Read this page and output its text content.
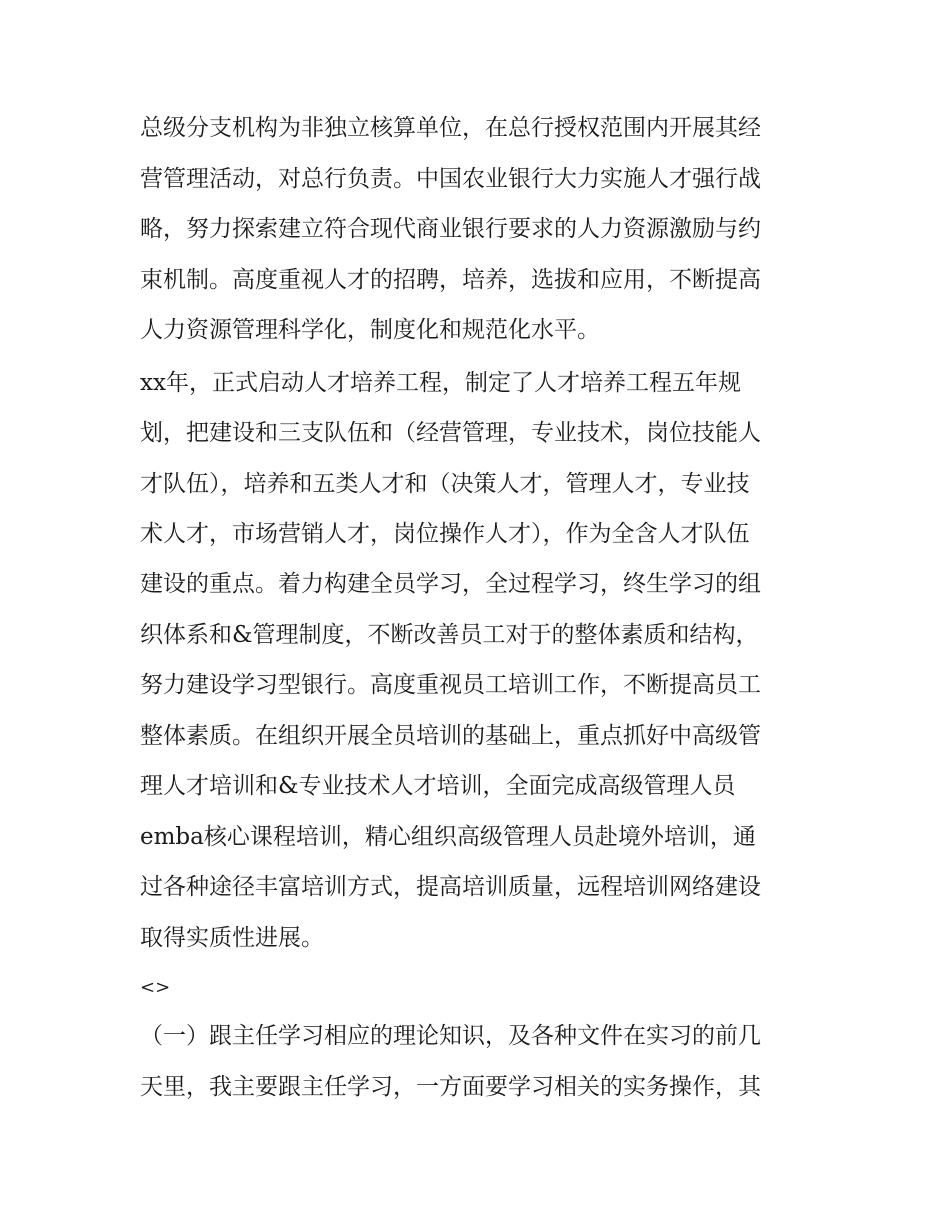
总级分支机构为非独立核算单位，在总行授权范围内开展其经

营管理活动，对总行负责。中国农业银行大力实施人才强行战

略，努力探索建立符合现代商业银行要求的人力资源激励与约

束机制。高度重视人才的招聘，培养，选拔和应用，不断提高

人力资源管理科学化，制度化和规范化水平。

xx年，正式启动人才培养工程，制定了人才培养工程五年规

划，把建设和三支队伍和（经营管理，专业技术，岗位技能人

才队伍），培养和五类人才和（决策人才，管理人才，专业技

术人才，市场营销人才，岗位操作人才），作为全含人才队伍

建设的重点。着力构建全员学习，全过程学习，终生学习的组

织体系和&管理制度，不断改善员工对于的整体素质和结构，

努力建设学习型银行。高度重视员工培训工作，不断提高员工

整体素质。在组织开展全员培训的基础上，重点抓好中高级管

理人才培训和&专业技术人才培训，全面完成高级管理人员

emba核心课程培训，精心组织高级管理人员赴境外培训，通

过各种途径丰富培训方式，提高培训质量，远程培训网络建设

取得实质性进展。

<>

（一）跟主任学习相应的理论知识，及各种文件在实习的前几

天里，我主要跟主任学习，一方面要学习相关的实务操作，其
